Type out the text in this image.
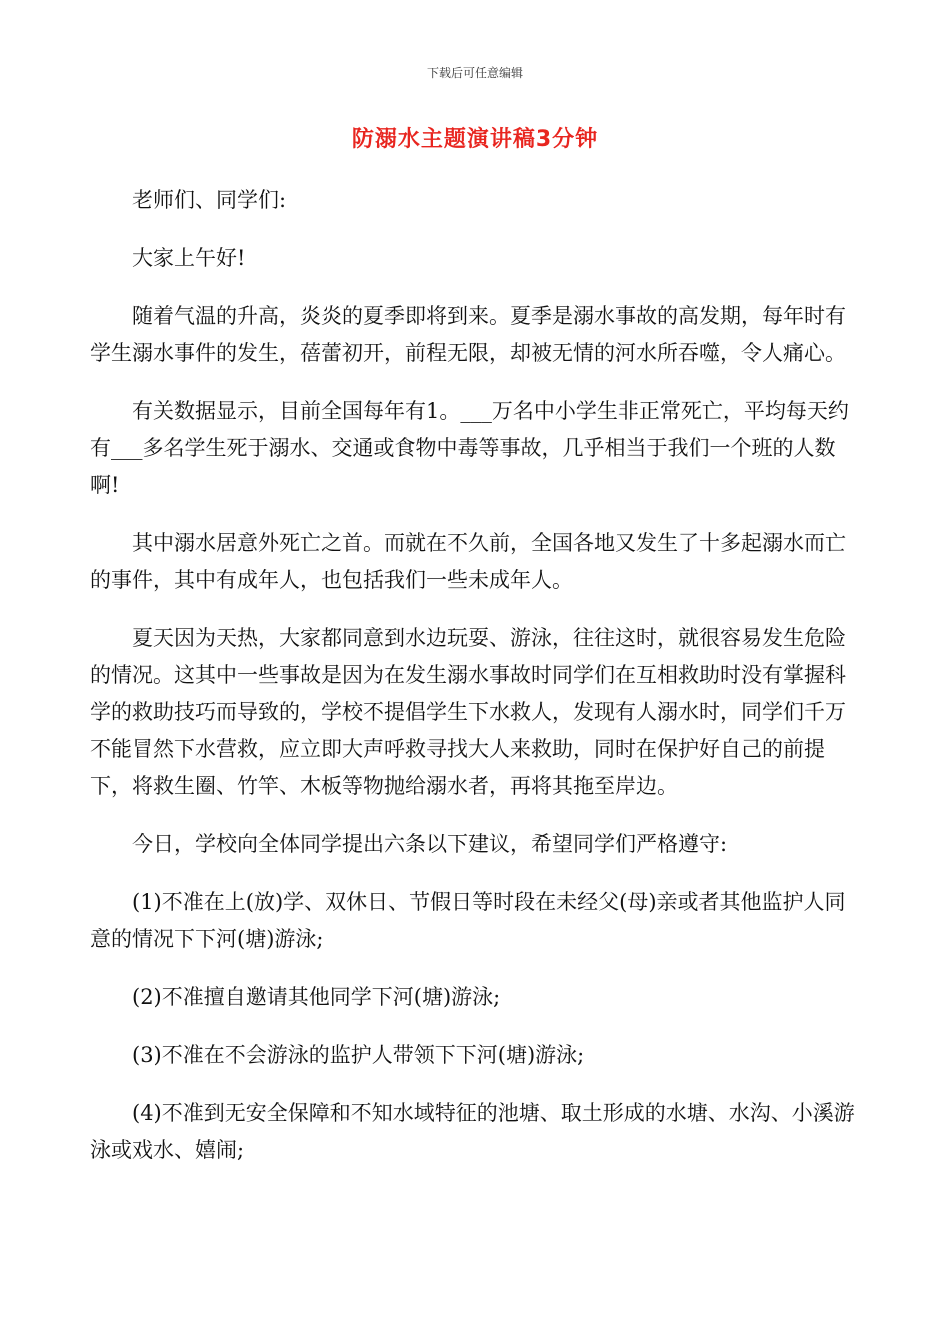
下载后可任意编辑
防溺水主题演讲稿3分钟

老师们、同学们:

大家上午好!

随着气温的升高，炎炎的夏季即将到来。夏季是溺水事故的高发期，每年时有学生溺水事件的发生，蓓蕾初开，前程无限，却被无情的河水所吞噬，令人痛心。

有关数据显示，目前全国每年有1。___万名中小学生非正常死亡，平均每天约有___多名学生死于溺水、交通或食物中毒等事故，几乎相当于我们一个班的人数啊!

其中溺水居意外死亡之首。而就在不久前，全国各地又发生了十多起溺水而亡的事件，其中有成年人，也包括我们一些未成年人。

夏天因为天热，大家都同意到水边玩耍、游泳，往往这时，就很容易发生危险的情况。这其中一些事故是因为在发生溺水事故时同学们在互相救助时没有掌握科学的救助技巧而导致的，学校不提倡学生下水救人，发现有人溺水时，同学们千万不能冒然下水营救，应立即大声呼救寻找大人来救助，同时在保护好自己的前提下，将救生圈、竹竿、木板等物抛给溺水者，再将其拖至岸边。

今日，学校向全体同学提出六条以下建议，希望同学们严格遵守:

(1)不准在上(放)学、双休日、节假日等时段在未经父(母)亲或者其他监护人同意的情况下下河(塘)游泳;

(2)不准擅自邀请其他同学下河(塘)游泳;

(3)不准在不会游泳的监护人带领下下河(塘)游泳;

(4)不准到无安全保障和不知水域特征的池塘、取土形成的水塘、水沟、小溪游泳或戏水、嬉闹;
